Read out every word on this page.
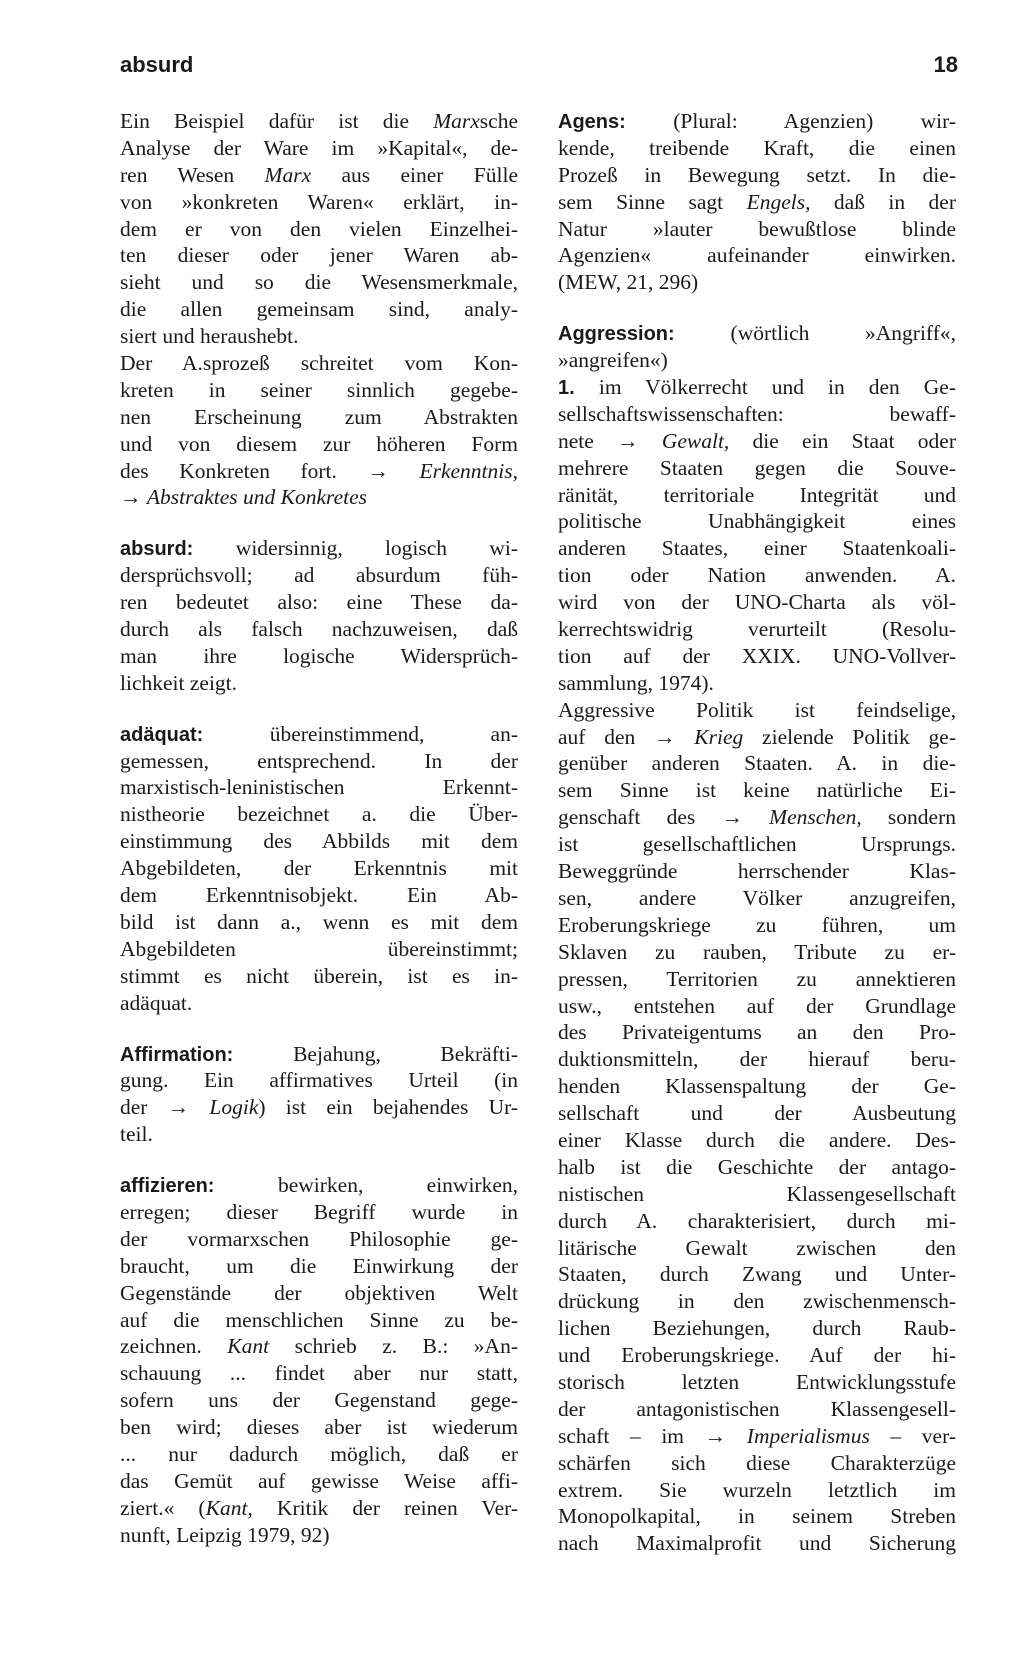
absurd	18
Ein Beispiel dafür ist die Marxsche
Analyse der Ware im »Kapital«, de-
ren Wesen Marx aus einer Fülle
von »konkreten Waren« erklärt, in-
dem er von den vielen Einzelhei-
ten dieser oder jener Waren ab-
sieht und so die Wesensmerkmale,
die allen gemeinsam sind, analy-
siert und heraushebt.
Der A.sprozeß schreitet vom Kon-
kreten in seiner sinnlich gegebe-
nen Erscheinung zum Abstrakten
und von diesem zur höheren Form
des Konkreten fort. → Erkenntnis,
→ Abstraktes und Konkretes
absurd: widersinnig, logisch wi-
dersprüchsvoll; ad absurdum füh-
ren bedeutet also: eine These da-
durch als falsch nachzuweisen, daß
man ihre logische Widersprüch-
lichkeit zeigt.
adäquat: übereinstimmend, an-
gemessen, entsprechend. In der
marxistisch-leninistischen Erkennt-
nistheorie bezeichnet a. die Über-
einstimmung des Abbilds mit dem
Abgebildeten, der Erkenntnis mit
dem Erkenntnisobjekt. Ein Ab-
bild ist dann a., wenn es mit dem
Abgebildeten übereinstimmt;
stimmt es nicht überein, ist es in-
adäquat.
Affirmation: Bejahung, Bekräfti-
gung. Ein affirmatives Urteil (in
der → Logik) ist ein bejahendes Ur-
teil.
affizieren: bewirken, einwirken,
erregen; dieser Begriff wurde in
der vormarxschen Philosophie ge-
braucht, um die Einwirkung der
Gegenstände der objektiven Welt
auf die menschlichen Sinne zu be-
zeichnen. Kant schrieb z. B.: »An-
schauung ... findet aber nur statt,
sofern uns der Gegenstand gege-
ben wird; dieses aber ist wiederum
... nur dadurch möglich, daß er
das Gemüt auf gewisse Weise affi-
ziert.« (Kant, Kritik der reinen Ver-
nunft, Leipzig 1979, 92)
Agens: (Plural: Agenzien) wir-
kende, treibende Kraft, die einen
Prozeß in Bewegung setzt. In die-
sem Sinne sagt Engels, daß in der
Natur »lauter bewußtlose blinde
Agenzien« aufeinander einwirken.
(MEW, 21, 296)
Aggression: (wörtlich »Angriff«,
»angreifen«)
1. im Völkerrecht und in den Ge-
sellschaftswissenschaften: bewaff-
nete → Gewalt, die ein Staat oder
mehrere Staaten gegen die Souve-
ränität, territoriale Integrität und
politische Unabhängigkeit eines
anderen Staates, einer Staatenkoali-
tion oder Nation anwenden. A.
wird von der UNO-Charta als völ-
kerrechtswidrig verurteilt (Resolu-
tion auf der XXIX. UNO-Vollver-
sammlung, 1974).
Aggressive Politik ist feindselige,
auf den → Krieg zielende Politik ge-
genüber anderen Staaten. A. in die-
sem Sinne ist keine natürliche Ei-
genschaft des → Menschen, sondern
ist gesellschaftlichen Ursprungs.
Beweggründe herrschender Klas-
sen, andere Völker anzugreifen,
Eroberungskriege zu führen, um
Sklaven zu rauben, Tribute zu er-
pressen, Territorien zu annektieren
usw., entstehen auf der Grundlage
des Privateigentums an den Pro-
duktionsmitteln, der hierauf beru-
henden Klassenspaltung der Ge-
sellschaft und der Ausbeutung
einer Klasse durch die andere. Des-
halb ist die Geschichte der antago-
nistischen Klassengesellschaft
durch A. charakterisiert, durch mi-
litärische Gewalt zwischen den
Staaten, durch Zwang und Unter-
drückung in den zwischenmensch-
lichen Beziehungen, durch Raub-
und Eroberungskriege. Auf der hi-
storisch letzten Entwicklungsstufe
der antagonistischen Klassengesell-
schaft – im → Imperialismus – ver-
schärfen sich diese Charakterzüge
extrem. Sie wurzeln letztlich im
Monopolkapital, in seinem Streben
nach Maximalprofit und Sicherung
